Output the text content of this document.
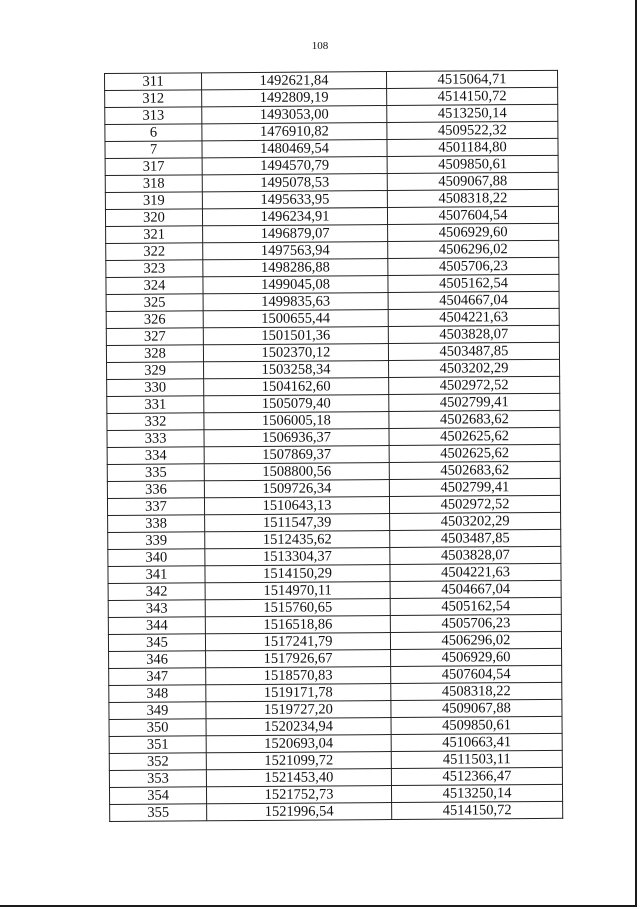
108
311	1492621,84	4515064,71
312	1492809,19	4514150,72
313	1493053,00	4513250,14
6	1476910,82	4509522,32
7	1480469,54	4501184,80
317	1494570,79	4509850,61
318	1495078,53	4509067,88
319	1495633,95	4508318,22
320	1496234,91	4507604,54
321	1496879,07	4506929,60
322	1497563,94	4506296,02
323	1498286,88	4505706,23
324	1499045,08	4505162,54
325	1499835,63	4504667,04
326	1500655,44	4504221,63
327	1501501,36	4503828,07
328	1502370,12	4503487,85
329	1503258,34	4503202,29
330	1504162,60	4502972,52
331	1505079,40	4502799,41
332	1506005,18	4502683,62
333	1506936,37	4502625,62
334	1507869,37	4502625,62
335	1508800,56	4502683,62
336	1509726,34	4502799,41
337	1510643,13	4502972,52
338	1511547,39	4503202,29
339	1512435,62	4503487,85
340	1513304,37	4503828,07
341	1514150,29	4504221,63
342	1514970,11	4504667,04
343	1515760,65	4505162,54
344	1516518,86	4505706,23
345	1517241,79	4506296,02
346	1517926,67	4506929,60
347	1518570,83	4507604,54
348	1519171,78	4508318,22
349	1519727,20	4509067,88
350	1520234,94	4509850,61
351	1520693,04	4510663,41
352	1521099,72	4511503,11
353	1521453,40	4512366,47
354	1521752,73	4513250,14
355	1521996,54	4514150,72
